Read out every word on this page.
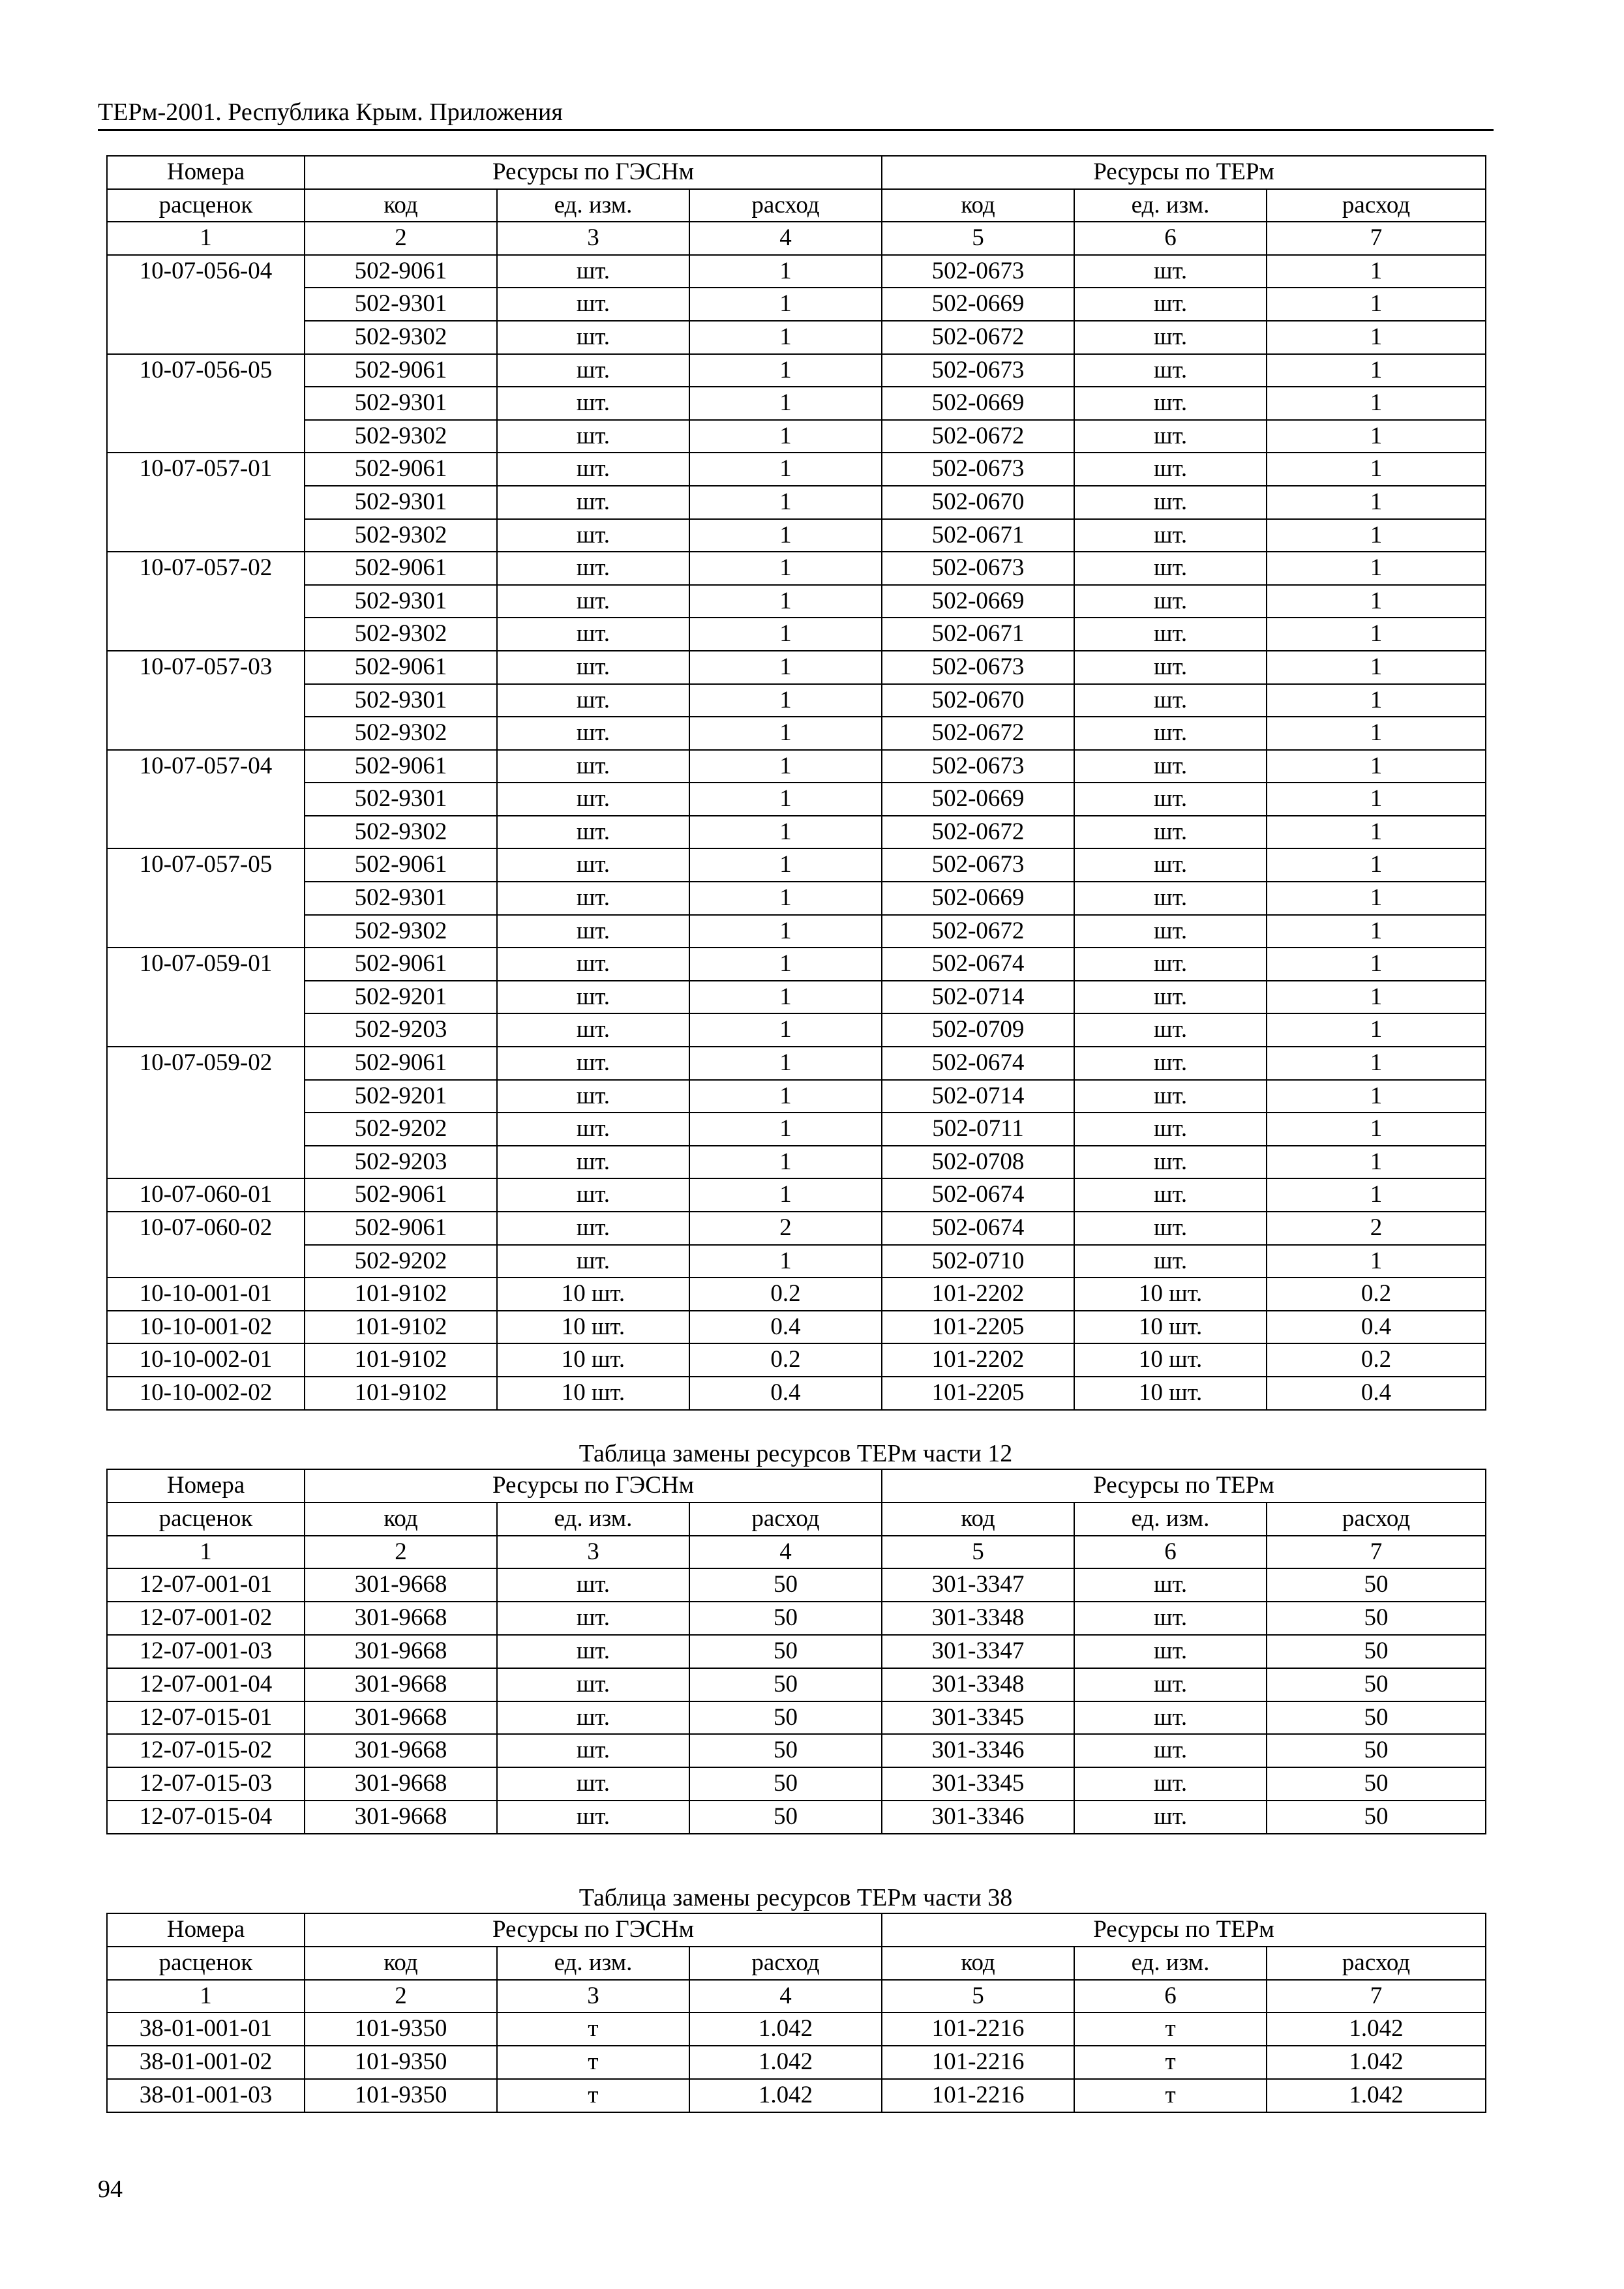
ТЕРм-2001. Республика Крым. Приложения
Номера	Ресурсы по ГЭСНм			Ресурсы по ТЕРм		
расценок	код	ед. изм.	расход	код	ед. изм.	расход
1	2	3	4	5	6	7
10-07-056-04	502-9061	шт.	1	502-0673	шт.	1
	502-9301	шт.	1	502-0669	шт.	1
	502-9302	шт.	1	502-0672	шт.	1
10-07-056-05	502-9061	шт.	1	502-0673	шт.	1
	502-9301	шт.	1	502-0669	шт.	1
	502-9302	шт.	1	502-0672	шт.	1
10-07-057-01	502-9061	шт.	1	502-0673	шт.	1
	502-9301	шт.	1	502-0670	шт.	1
	502-9302	шт.	1	502-0671	шт.	1
10-07-057-02	502-9061	шт.	1	502-0673	шт.	1
	502-9301	шт.	1	502-0669	шт.	1
	502-9302	шт.	1	502-0671	шт.	1
10-07-057-03	502-9061	шт.	1	502-0673	шт.	1
	502-9301	шт.	1	502-0670	шт.	1
	502-9302	шт.	1	502-0672	шт.	1
10-07-057-04	502-9061	шт.	1	502-0673	шт.	1
	502-9301	шт.	1	502-0669	шт.	1
	502-9302	шт.	1	502-0672	шт.	1
10-07-057-05	502-9061	шт.	1	502-0673	шт.	1
	502-9301	шт.	1	502-0669	шт.	1
	502-9302	шт.	1	502-0672	шт.	1
10-07-059-01	502-9061	шт.	1	502-0674	шт.	1
	502-9201	шт.	1	502-0714	шт.	1
	502-9203	шт.	1	502-0709	шт.	1
10-07-059-02	502-9061	шт.	1	502-0674	шт.	1
	502-9201	шт.	1	502-0714	шт.	1
	502-9202	шт.	1	502-0711	шт.	1
	502-9203	шт.	1	502-0708	шт.	1
10-07-060-01	502-9061	шт.	1	502-0674	шт.	1
10-07-060-02	502-9061	шт.	2	502-0674	шт.	2
	502-9202	шт.	1	502-0710	шт.	1
10-10-001-01	101-9102	10 шт.	0.2	101-2202	10 шт.	0.2
10-10-001-02	101-9102	10 шт.	0.4	101-2205	10 шт.	0.4
10-10-002-01	101-9102	10 шт.	0.2	101-2202	10 шт.	0.2
10-10-002-02	101-9102	10 шт.	0.4	101-2205	10 шт.	0.4
Таблица замены ресурсов ТЕРм части 12
Номера	Ресурсы по ГЭСНм			Ресурсы по ТЕРм		
расценок	код	ед. изм.	расход	код	ед. изм.	расход
1	2	3	4	5	6	7
12-07-001-01	301-9668	шт.	50	301-3347	шт.	50
12-07-001-02	301-9668	шт.	50	301-3348	шт.	50
12-07-001-03	301-9668	шт.	50	301-3347	шт.	50
12-07-001-04	301-9668	шт.	50	301-3348	шт.	50
12-07-015-01	301-9668	шт.	50	301-3345	шт.	50
12-07-015-02	301-9668	шт.	50	301-3346	шт.	50
12-07-015-03	301-9668	шт.	50	301-3345	шт.	50
12-07-015-04	301-9668	шт.	50	301-3346	шт.	50
Таблица замены ресурсов ТЕРм части 38
Номера	Ресурсы по ГЭСНм			Ресурсы по ТЕРм		
расценок	код	ед. изм.	расход	код	ед. изм.	расход
1	2	3	4	5	6	7
38-01-001-01	101-9350	т	1.042	101-2216	т	1.042
38-01-001-02	101-9350	т	1.042	101-2216	т	1.042
38-01-001-03	101-9350	т	1.042	101-2216	т	1.042
94
